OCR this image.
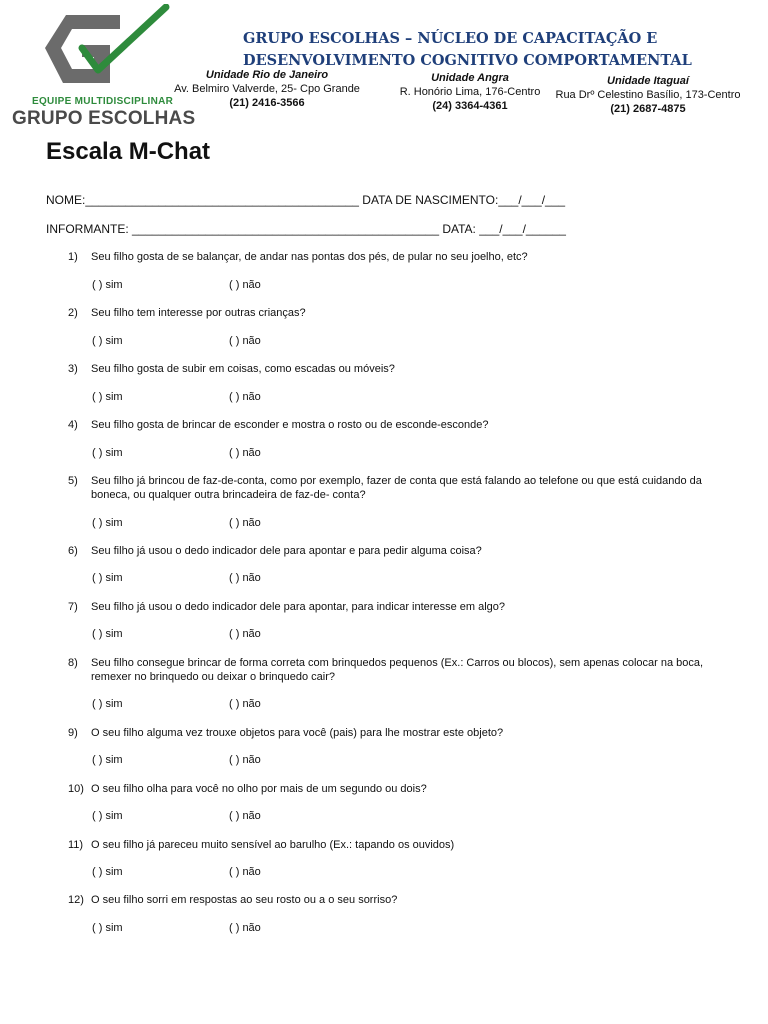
EQUIPE MULTIDISCIPLINAR
GRUPO ESCOLHAS
GRUPO ESCOLHAS – NÚCLEO DE CAPACITAÇÃO E
DESENVOLVIMENTO COGNITIVO COMPORTAMENTAL
Unidade Rio de Janeiro
Av. Belmiro Valverde, 25- Cpo Grande
(21) 2416-3566
Unidade Angra
R. Honório Lima, 176-Centro
(24) 3364-4361
Unidade Itaguaí
Rua Drº Celestino Basílio, 173-Centro
(21) 2687-4875
Escala M-Chat
NOME:_________________________________________ DATA DE NASCIMENTO:___/___/___
INFORMANTE: ______________________________________________ DATA: ___/___/______
1)	Seu filho gosta de se balançar, de andar nas pontas dos pés, de pular no seu joelho, etc?
( ) sim	( ) não
2)	Seu filho tem interesse por outras crianças?
( ) sim	( ) não
3)	Seu filho gosta de subir em coisas, como escadas ou móveis?
( ) sim	( ) não
4)	Seu filho gosta de brincar de esconder e mostra o rosto ou de esconde-esconde?
( ) sim	( ) não
5)	Seu filho já brincou de faz-de-conta, como por exemplo, fazer de conta que está falando ao telefone ou que está cuidando da boneca, ou qualquer outra brincadeira de faz-de- conta?
( ) sim	( ) não
6)	Seu filho já usou o dedo indicador dele para apontar e para pedir alguma coisa?
( ) sim	( ) não
7)	Seu filho já usou o dedo indicador dele para apontar, para indicar interesse em algo?
( ) sim	( ) não
8)	Seu filho consegue brincar de forma correta com brinquedos pequenos (Ex.: Carros ou blocos), sem apenas colocar na boca, remexer no brinquedo ou deixar o brinquedo cair?
( ) sim	( ) não
9)	O seu filho alguma vez trouxe objetos para você (pais) para lhe mostrar este objeto?
( ) sim	( ) não
10) O seu filho olha para você no olho por mais de um segundo ou dois?
( ) sim	( ) não
11) O seu filho já pareceu muito sensível ao barulho (Ex.: tapando os ouvidos)
( ) sim	( ) não
12) O seu filho sorri em respostas ao seu rosto ou a o seu sorriso?
( ) sim	( ) não
